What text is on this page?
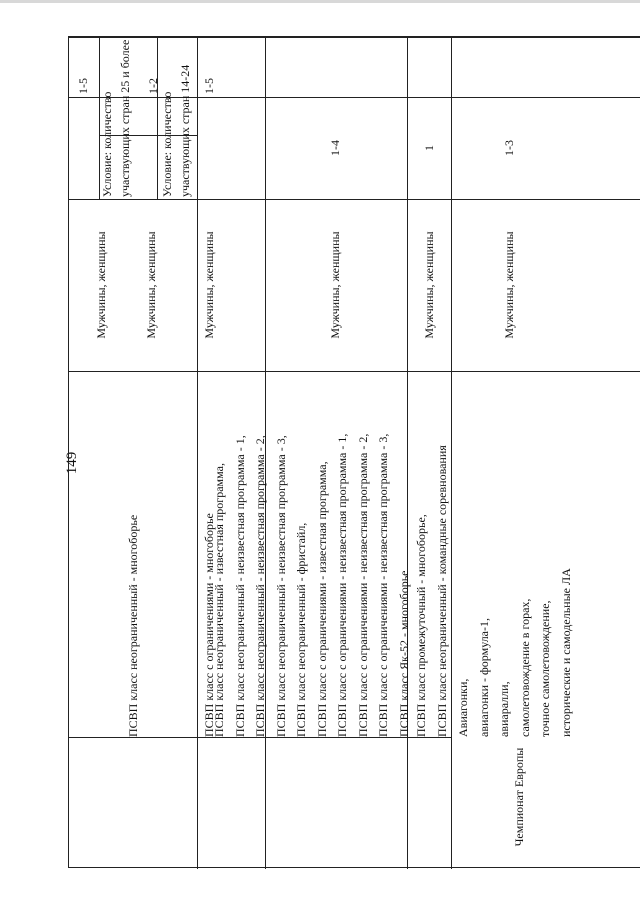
149
Чемпионат Европы
Авиагонки, авиагонки - формула-1, авиаралли, самолетовождение в горах, точное самолетовождение, исторические и самодельные ЛА
Мужчины, женщины
1-3
ПСВП класс неограниченный - многоборье
Мужчины, женщины	Мужчины, женщины
1-5
Условие: количество участвующих стран 25 и более 1-2
Условие: количество участвующих стран 14-24
ПСВП класс с ограничениями - многоборье
Мужчины, женщины
1-5
ПСВП класс неограниченный - известная программа, ПСВП класс неограниченный - неизвестная программа - 1, ПСВП класс неограниченный - неизвестная программа - 2, ПСВП класс неограниченный - неизвестная программа - 3, ПСВП класс неограниченный - фристайл, ПСВП класс с ограничениями - известная программа, ПСВП класс с ограничениями - неизвестная программа - 1, ПСВП класс с ограничениями - неизвестная программа - 2, ПСВП класс с ограничениями - неизвестная программа - 3, ПСВП класс Як-52 - многоборье
Мужчины, женщины
1-4
ПСВП класс промежуточный - многоборье, ПСВП класс неограниченный - командные соревнования
Мужчины, женщины
1
